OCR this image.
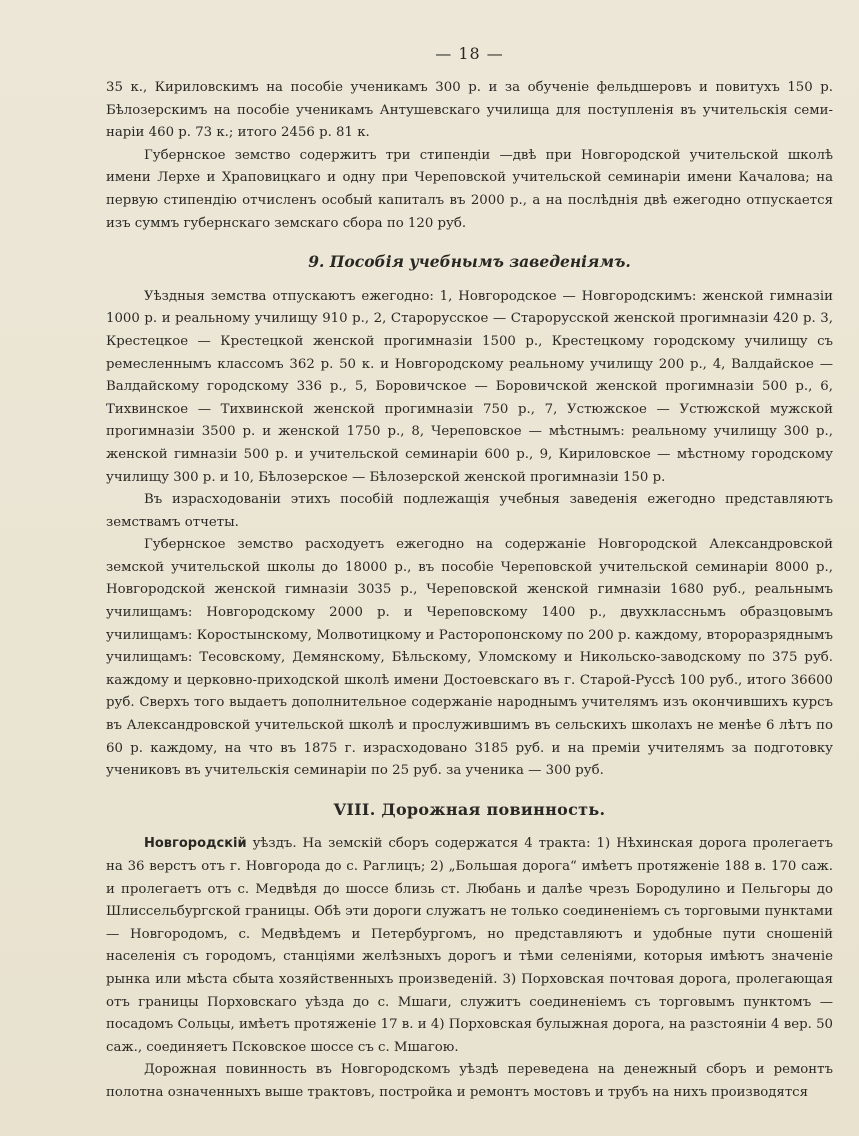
— 18 —

35 к., Кириловскимъ на пособіе ученикамъ 300 р. и за обученіе фельдшеровъ и повитухъ 150 р. Бѣлозерскимъ на пособіе ученикамъ Антушевскаго училища для поступленія въ учительскія семи- наріи 460 р. 73 к.; итого 2456 р. 81 к.

Губернское земство содержитъ три стипендіи —двѣ при Новгородской учительской школѣ имени Лерхе и Храповицкаго и одну при Череповской учительской семинаріи имени Качалова; на первую стипендію отчисленъ особый капиталъ въ 2000 р., а на послѣднія двѣ ежегодно отпускается изъ суммъ губернскаго земскаго сбора по 120 руб.

9. Пособія учебнымъ заведеніямъ.

Уѣздныя земства отпускаютъ ежегодно: 1, Новгородское — Новгородскимъ: женской гимназіи 1000 р. и реальному училищу 910 р., 2, Старорусское — Старорусской женской прогимназіи 420 р. 3, Крестецкое — Крестецкой женской прогимназіи 1500 р., Крестецкому городскому училищу съ ремесленнымъ классомъ 362 р. 50 к. и Новгородскому реальному училищу 200 р., 4, Валдайское — Валдайскому городскому 336 р., 5, Боровичское — Боровичской женской прогимназіи 500 р., 6, Тихвинское — Тихвинской женской прогимназіи 750 р., 7, Устюжское — Устюжской мужской прогимназіи 3500 р. и женской 1750 р., 8, Череповское — мѣстнымъ: реальному училищу 300 р., женской гимназіи 500 р. и учительской семинаріи 600 р., 9, Кириловское — мѣстному городскому училищу 300 р. и 10, Бѣлозерское — Бѣлозерской женской прогимназіи 150 р.

Въ израсходованіи этихъ пособій подлежащія учебныя заведенія ежегодно представляютъ земствамъ отчеты.

Губернское земство расходуетъ ежегодно на содержаніе Новгородской Александровской земской учительской школы до 18000 р., въ пособіе Череповской учительской семинаріи 8000 р., Новгородской женской гимназіи 3035 р., Череповской женской гимназіи 1680 руб., реальнымъ училищамъ: Новгородскому 2000 р. и Череповскому 1400 р., двухклассньмъ образцовымъ училищамъ: Коростынскому, Молвотицкому и Расторопонскому по 200 р. каждому, второразряднымъ училищамъ: Тесовскому, Демянскому, Бѣльскому, Уломскому и Никольско-заводскому по 375 руб. каждому и церковно-приходской школѣ имени Достоевскаго въ г. Старой-Руссѣ 100 руб., итого 36600 руб. Сверхъ того выдаетъ дополнительное содержаніе народнымъ учителямъ изъ окончившихъ курсъ въ Александровской учительской школѣ и прослужившимъ въ сельскихъ школахъ не менѣе 6 лѣтъ по 60 р. каждому, на что въ 1875 г. израсходовано 3185 руб. и на преміи учителямъ за подготовку учениковъ въ учительскія семинаріи по 25 руб. за ученика — 300 руб.

VIII. Дорожная повинность.

Новгородскій уѣздъ. На земскій сборъ содержатся 4 тракта: 1) Нѣхинская дорога пролегаетъ на 36 верстъ отъ г. Новгорода до с. Раглицъ; 2) „Большая дорога“ имѣетъ протяженіе 188 в. 170 саж. и пролегаетъ отъ с. Медвѣдя до шоссе близь ст. Любань и далѣе чрезъ Бородулино и Пельгоры до Шлиссельбургской границы. Обѣ эти дороги служатъ не только соединеніемъ съ торговыми пунктами — Новгородомъ, с. Медвѣдемъ и Петербургомъ, но представляютъ и удобные пути сношеній населенія съ городомъ, станціями желѣзныхъ дорогъ и тѣми селеніями, которыя имѣютъ значеніе рынка или мѣста сбыта хозяйственныхъ произведеній. 3) Порховская почтовая дорога, пролегающая отъ границы Порховскаго уѣзда до с. Мшаги, служитъ соединеніемъ съ торговымъ пунктомъ — посадомъ Сольцы, имѣетъ протяженіе 17 в. и 4) Порховская булыжная дорога, на разстояніи 4 вер. 50 саж., соединяетъ Псковское шоссе съ с. Мшагою.

Дорожная повинность въ Новгородскомъ уѣздѣ переведена на денежный сборъ и ремонтъ полотна означенныхъ выше трактовъ, постройка и ремонтъ мостовъ и трубъ на нихъ производятся
